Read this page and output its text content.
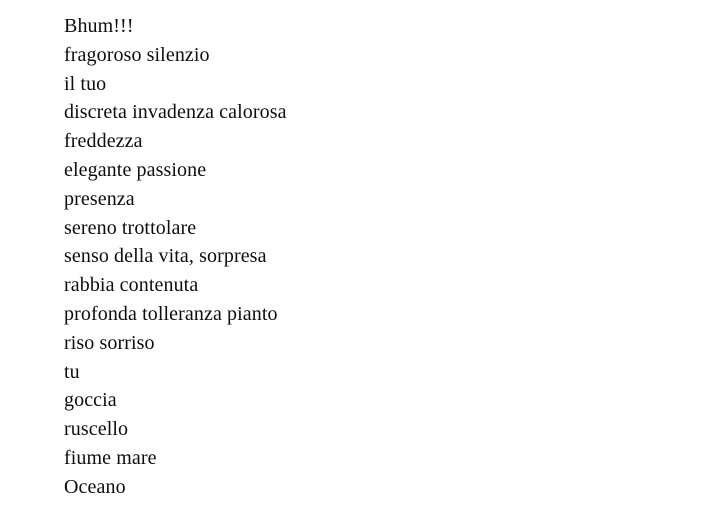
Bhum!!!
fragoroso silenzio
il tuo
discreta invadenza calorosa
freddezza
elegante passione
presenza
sereno trottolare
senso della vita, sorpresa
rabbia contenuta
profonda tolleranza pianto
riso sorriso
tu
goccia
ruscello
fiume mare
Oceano
